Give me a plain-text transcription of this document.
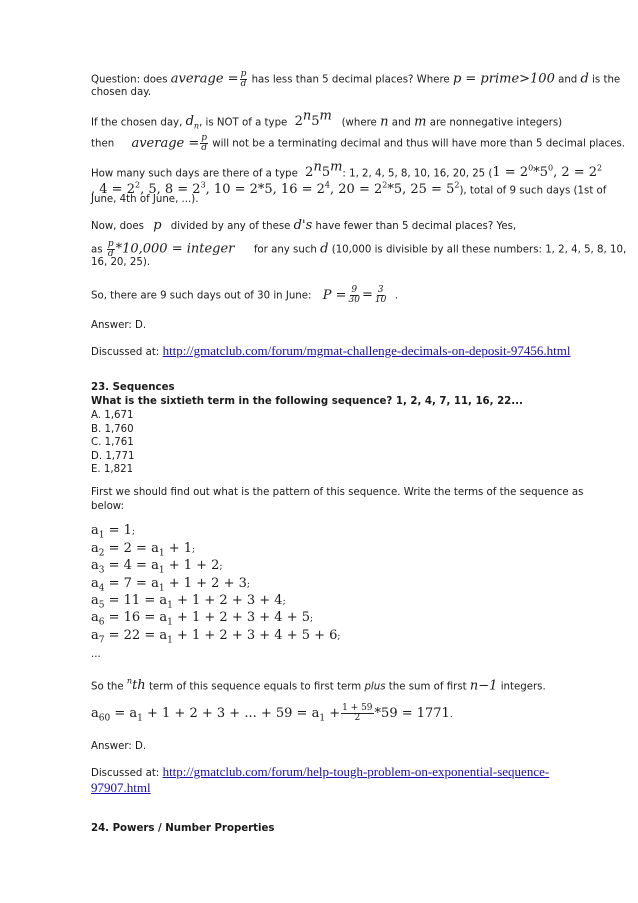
Question: does average = $\frac{p}{d}$ has less than 5 decimal places? Where p = prime>100 and d is the
chosen day.
If the chosen day, $d_n$, is NOT of a type 2$^n$5$^m$ (where n and m are nonnegative integers)
then average = $\frac{p}{d}$ will not be a terminating decimal and thus will have more than 5 decimal places.
How many such days are there of a type 2$^n$5$^m$: 1, 2, 4, 5, 8, 10, 16, 20, 25 ($1 = 2^0*5^0$, $2 = 2^2$
, $4 = 2^2$, 5, $8 = 2^3$, 10 = 2*5, $16 = 2^4$, $20 = 2^2*5$, $25 = 5^2$), total of 9 such days (1st of
June, 4th of June, ...).
Now, does p divided by any of these d's have fewer than 5 decimal places? Yes,
as $\frac{p}{d} *10,000$ = integer for any such d (10,000 is divisible by all these numbers: 1, 2, 4, 5, 8, 10,
16, 20, 25).
So, there are 9 such days out of 30 in June: $P = \frac{9}{30} = \frac{3}{10}$ .
Answer: D.
Discussed at: http://gmatclub.com/forum/mgmat-challenge-decimals-on-deposit-97456.html
23. Sequences
What is the sixtieth term in the following sequence? 1, 2, 4, 7, 11, 16, 22...
A. 1,671
B. 1,760
C. 1,761
D. 1,771
E. 1,821
First we should find out what is the pattern of this sequence. Write the terms of the sequence as
below:
$a_1 = 1$;
$a_2 = 2 = a_1 + 1$;
$a_3 = 4 = a_1 + 1 + 2$;
$a_4 = 7 = a_1 + 1 + 2 + 3$;
$a_5 = 11 = a_1 + 1 + 2 + 3 + 4$;
$a_6 = 16 = a_1 + 1 + 2 + 3 + 4 + 5$;
$a_7 = 22 = a_1 + 1 + 2 + 3 + 4 + 5 + 6$;
...
So the $^n$th term of this sequence equals to first term plus the sum of first n−1 integers.
$a_{60} = a_1 + 1 + 2 + 3$ + ... + $59 = a_1 + \frac{1 + 59}{2} *59 = 1771$.
Answer: D.
Discussed at: http://gmatclub.com/forum/help-tough-problem-on-exponential-sequence-
97907.html
24. Powers / Number Properties
